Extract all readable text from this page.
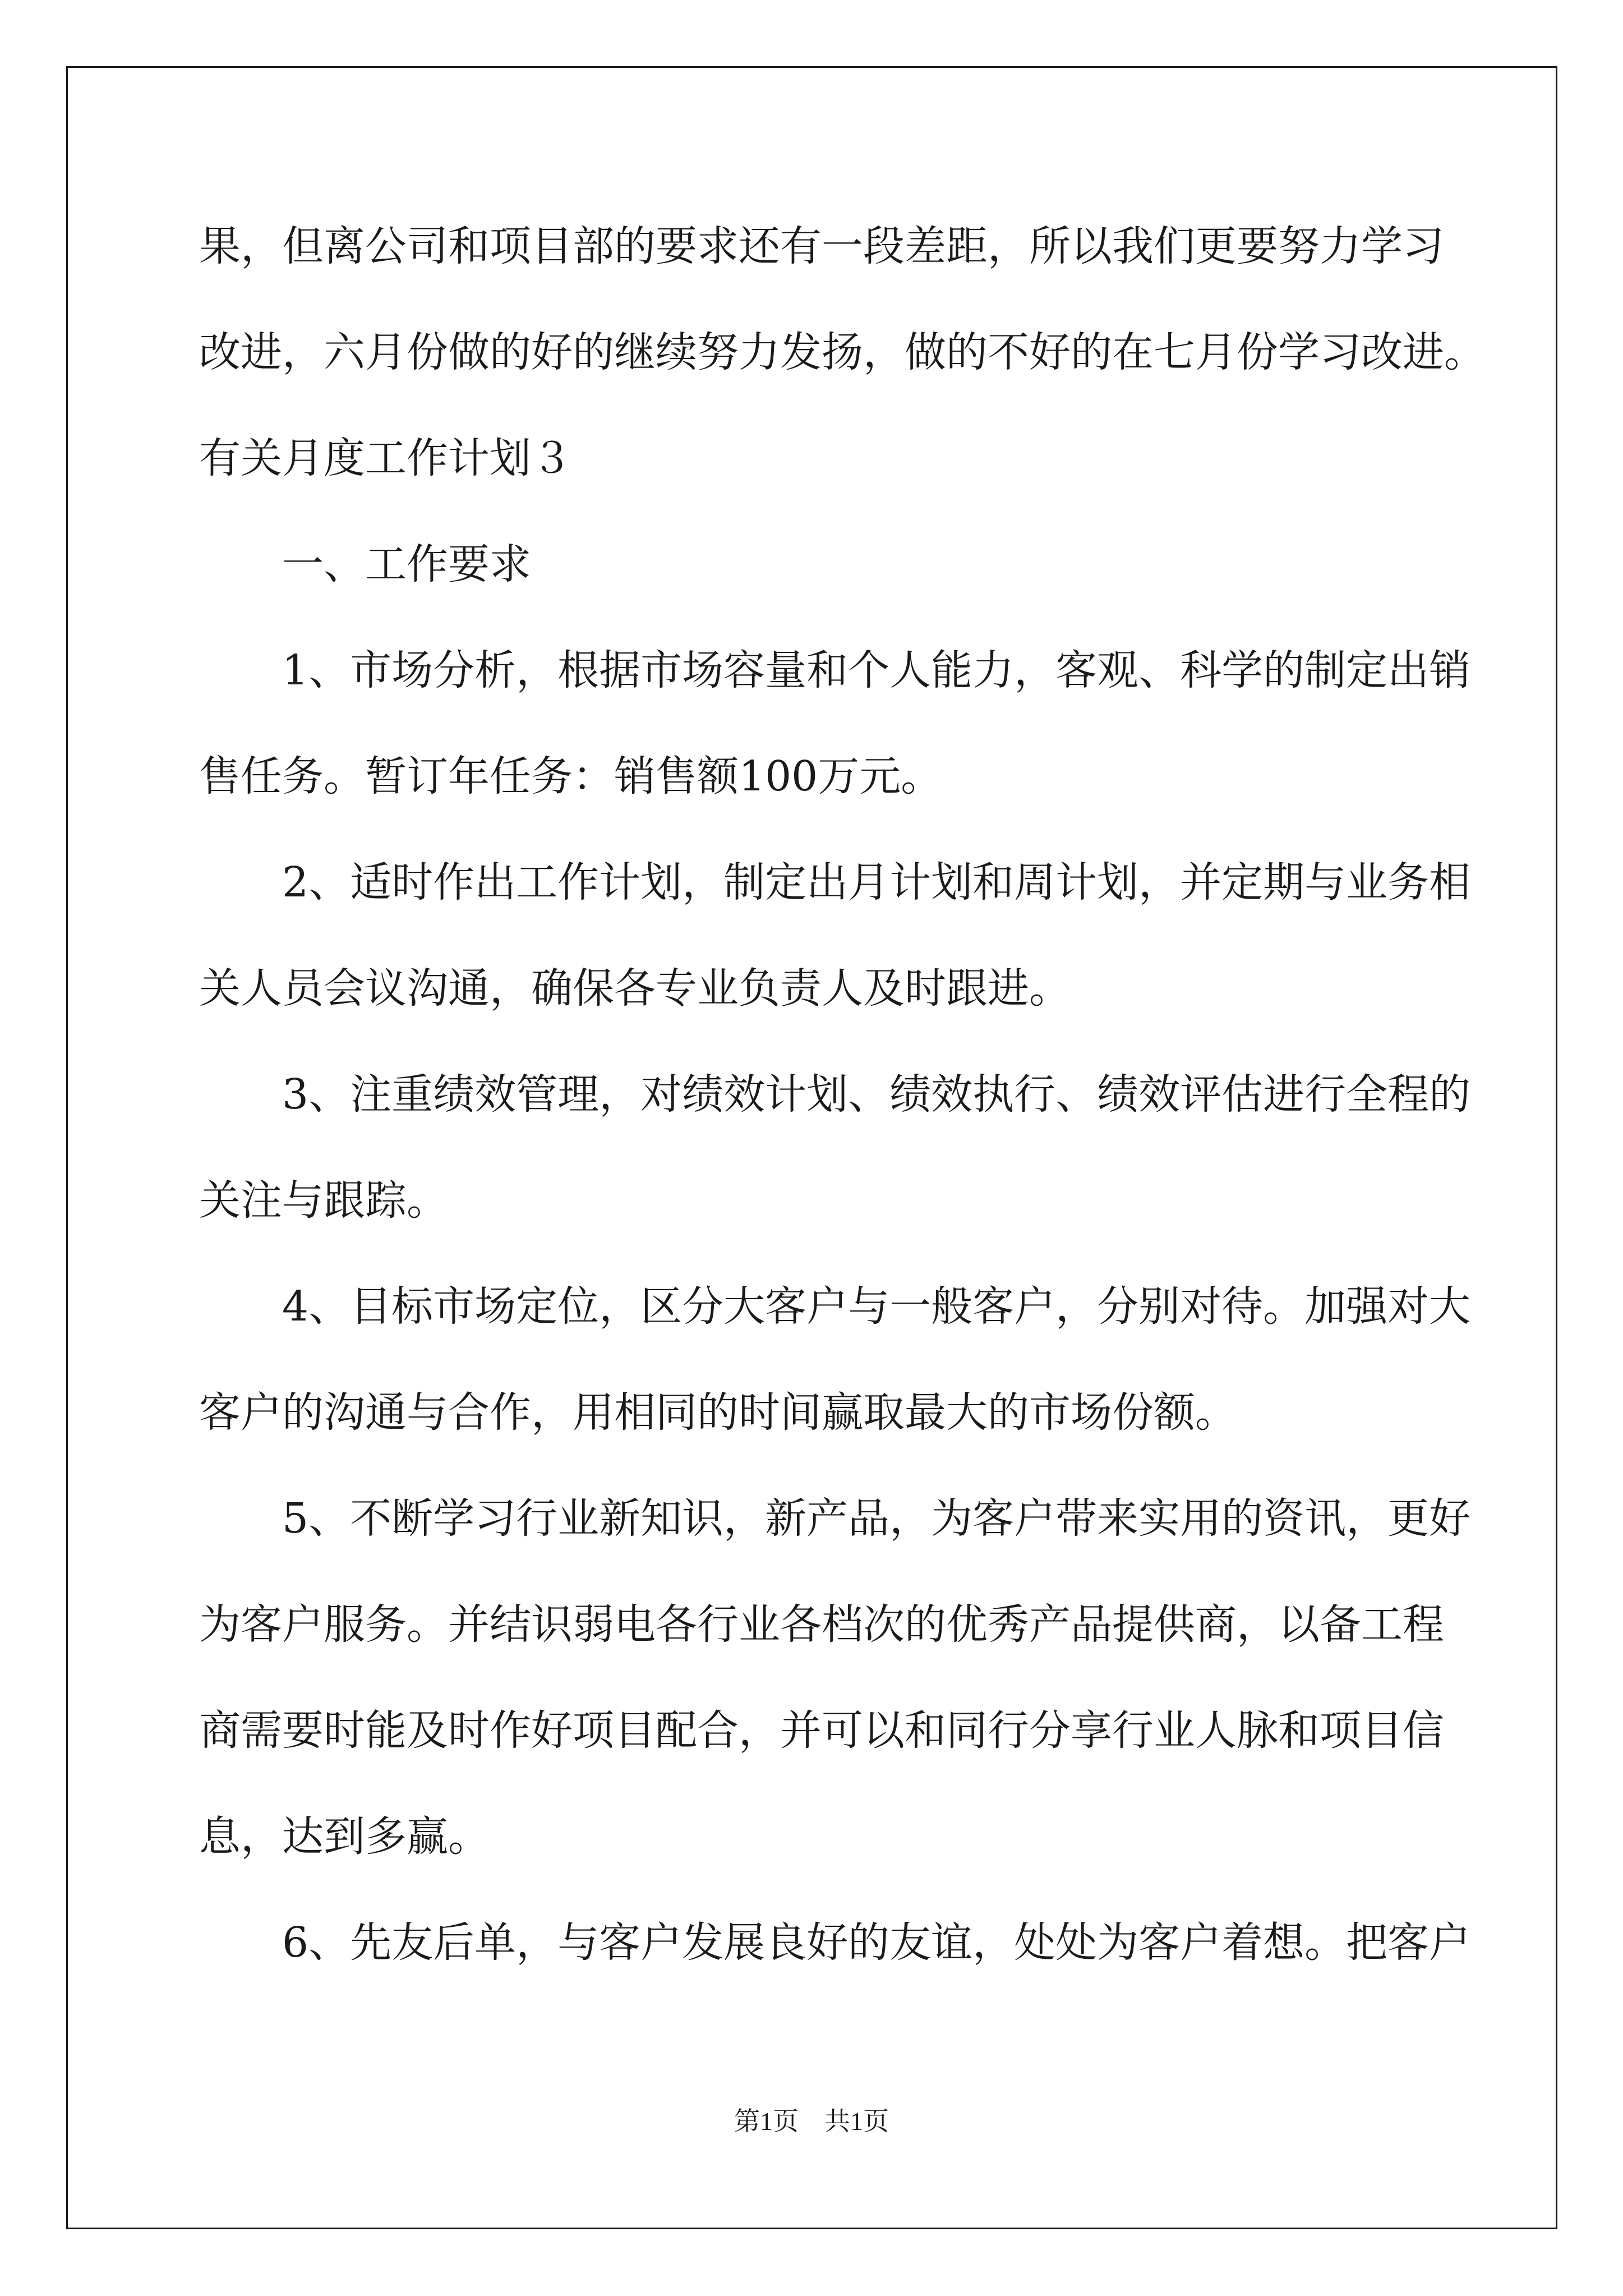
果，但离公司和项目部的要求还有一段差距，所以我们更要努力学习

改进，六月份做的好的继续努力发扬，做的不好的在七月份学习改进。

有关月度工作计划３

一、工作要求

1、市场分析，根据市场容量和个人能力，客观、科学的制定出销

售任务。暂订年任务：销售额100万元。

2、适时作出工作计划，制定出月计划和周计划，并定期与业务相

关人员会议沟通，确保各专业负责人及时跟进。

3、注重绩效管理，对绩效计划、绩效执行、绩效评估进行全程的

关注与跟踪。

4、目标市场定位，区分大客户与一般客户，分别对待。加强对大

客户的沟通与合作，用相同的时间赢取最大的市场份额。

5、不断学习行业新知识，新产品，为客户带来实用的资讯，更好

为客户服务。并结识弱电各行业各档次的优秀产品提供商，以备工程

商需要时能及时作好项目配合，并可以和同行分享行业人脉和项目信

息，达到多赢。

6、先友后单，与客户发展良好的友谊，处处为客户着想。把客户

第1页　共1页
